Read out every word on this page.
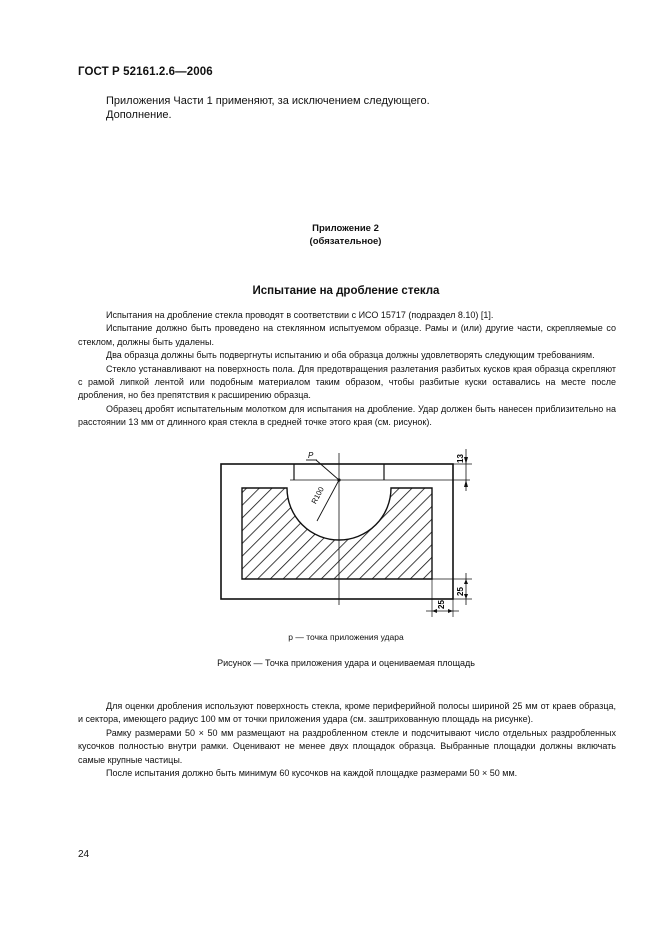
ГОСТ Р 52161.2.6—2006
Приложения Части 1 применяют, за исключением следующего.
Дополнение.
Приложение 2
(обязательное)
Испытание на дробление стекла

Испытания на дробление стекла проводят в соответствии с ИСО 15717 (подраздел 8.10) [1].

Испытание должно быть проведено на стеклянном испытуемом образце. Рамы и (или) другие части, скрепляемые со стеклом, должны быть удалены.

Два образца должны быть подвергнуты испытанию и оба образца должны удовлетворять следующим требованиям.

Стекло устанавливают на поверхность пола. Для предотвращения разлетания разбитых кусков края образца скрепляют с рамой липкой лентой или подобным материалом таким образом, чтобы разбитые куски оставались на месте после дробления, но без препятствия к расширению образца.

Образец дробят испытательным молотком для испытания на дробление. Удар должен быть нанесен приблизительно на расстоянии 13 мм от длинного края стекла в средней точке этого края (см. рисунок).

R100
P	13
25
25
p — точка приложения удара
Рисунок — Точка приложения удара и оцениваемая площадь

Для оценки дробления используют поверхность стекла, кроме периферийной полосы шириной 25 мм от краев образца, и сектора, имеющего радиус 100 мм от точки приложения удара (см. заштрихованную площадь на рисунке).

Рамку размерами 50 × 50 мм размещают на раздробленном стекле и подсчитывают число отдельных раздробленных кусочков полностью внутри рамки. Оценивают не менее двух площадок образца. Выбранные площадки должны включать самые крупные частицы.

После испытания должно быть минимум 60 кусочков на каждой площадке размерами 50 × 50 мм.

24
